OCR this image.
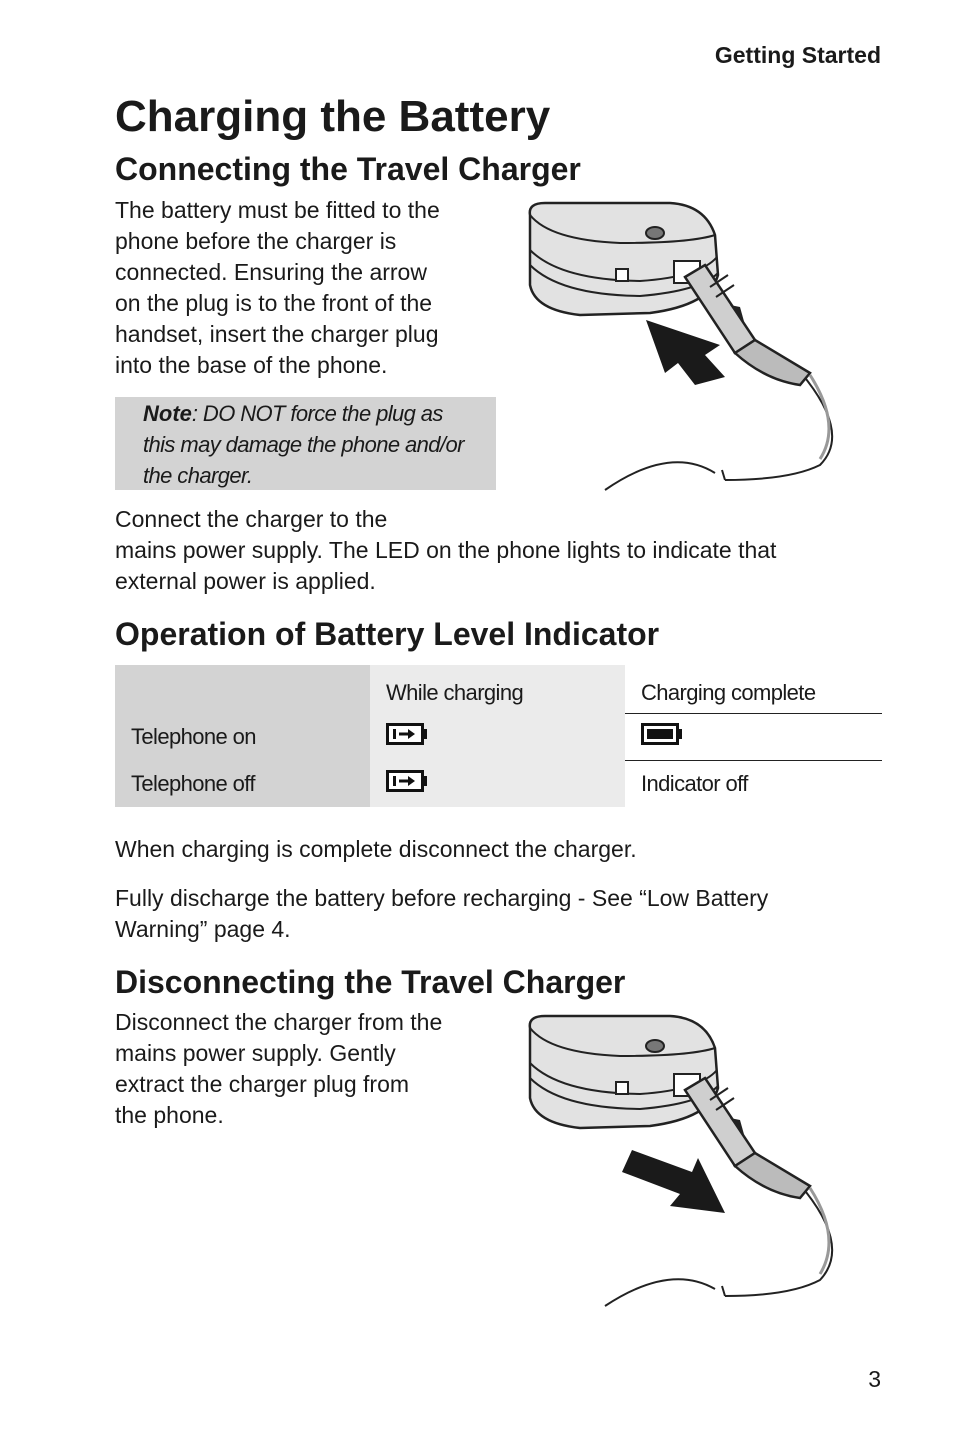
Getting Started
Charging the Battery
Connecting the Travel Charger
The battery must be fitted to the
phone before the charger is
connected. Ensuring the arrow
on the plug is to the front of the
handset, insert the charger plug
into the base of the phone.
Note: DO NOT force the plug as
this may damage the phone and/or
the charger.
Connect the charger to the
mains power supply. The LED on the phone lights to indicate that
external power is applied.
Operation of Battery Level Indicator
	While charging	Charging complete
Telephone on		
Telephone off		Indicator off
When charging is complete disconnect the charger.
Fully discharge the battery before recharging - See “Low Battery
Warning” page 4.
Disconnecting the Travel Charger
Disconnect the charger from the
mains power supply. Gently
extract the charger plug from
the phone.
3
